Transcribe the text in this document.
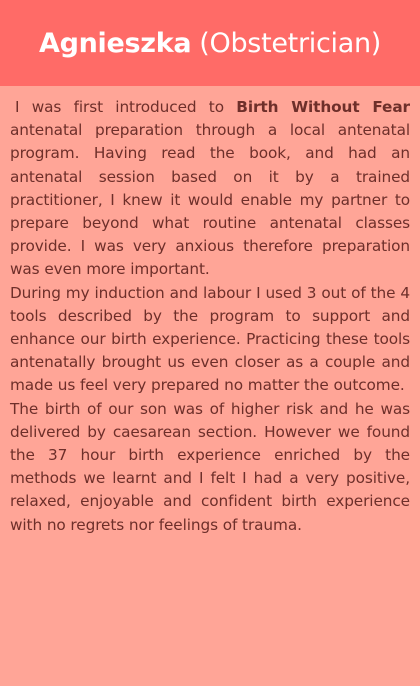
Agnieszka (Obstetrician)

I was first introduced to Birth Without Fear antenatal preparation through a local antenatal program. Having read the book, and had an antenatal session based on it by a trained practitioner, I knew it would enable my partner to prepare beyond what routine antenatal classes provide. I was very anxious therefore preparation was even more important.

During my induction and labour I used 3 out of the 4 tools described by the program to support and enhance our birth experience. Practicing these tools antenatally brought us even closer as a couple and made us feel very prepared no matter the outcome.

The birth of our son was of higher risk and he was delivered by caesarean section. However we found the 37 hour birth experience enriched by the methods we learnt and I felt I had a very positive, relaxed, enjoyable and confident birth experience with no regrets nor feelings of trauma.
